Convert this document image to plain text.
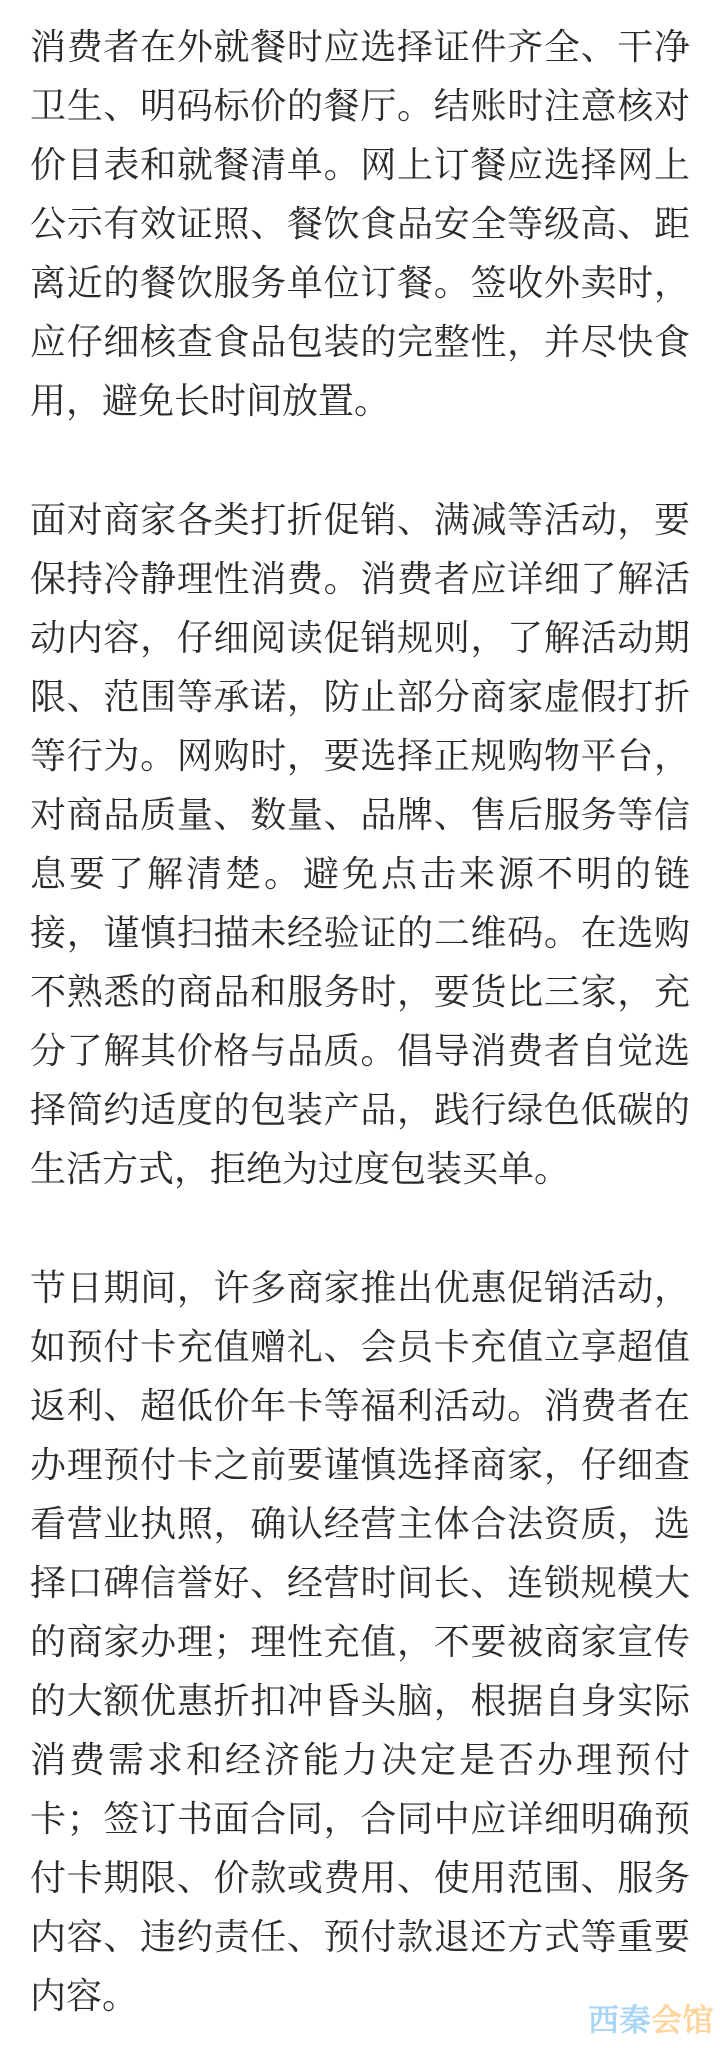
消费者在外就餐时应选择证件齐全、干净卫生、明码标价的餐厅。结账时注意核对价目表和就餐清单。网上订餐应选择网上公示有效证照、餐饮食品安全等级高、距离近的餐饮服务单位订餐。签收外卖时，应仔细核查食品包装的完整性，并尽快食用，避免长时间放置。

面对商家各类打折促销、满减等活动，要保持冷静理性消费。消费者应详细了解活动内容，仔细阅读促销规则，了解活动期限、范围等承诺，防止部分商家虚假打折等行为。网购时，要选择正规购物平台，对商品质量、数量、品牌、售后服务等信息要了解清楚。避免点击来源不明的链接，谨慎扫描未经验证的二维码。在选购不熟悉的商品和服务时，要货比三家，充分了解其价格与品质。倡导消费者自觉选择简约适度的包装产品，践行绿色低碳的生活方式，拒绝为过度包装买单。

节日期间，许多商家推出优惠促销活动，如预付卡充值赠礼、会员卡充值立享超值返利、超低价年卡等福利活动。消费者在办理预付卡之前要谨慎选择商家，仔细查看营业执照，确认经营主体合法资质，选择口碑信誉好、经营时间长、连锁规模大的商家办理；理性充值，不要被商家宣传的大额优惠折扣冲昏头脑，根据自身实际消费需求和经济能力决定是否办理预付卡；签订书面合同，合同中应详细明确预付卡期限、价款或费用、使用范围、服务内容、违约责任、预付款退还方式等重要内容。

西秦会馆
